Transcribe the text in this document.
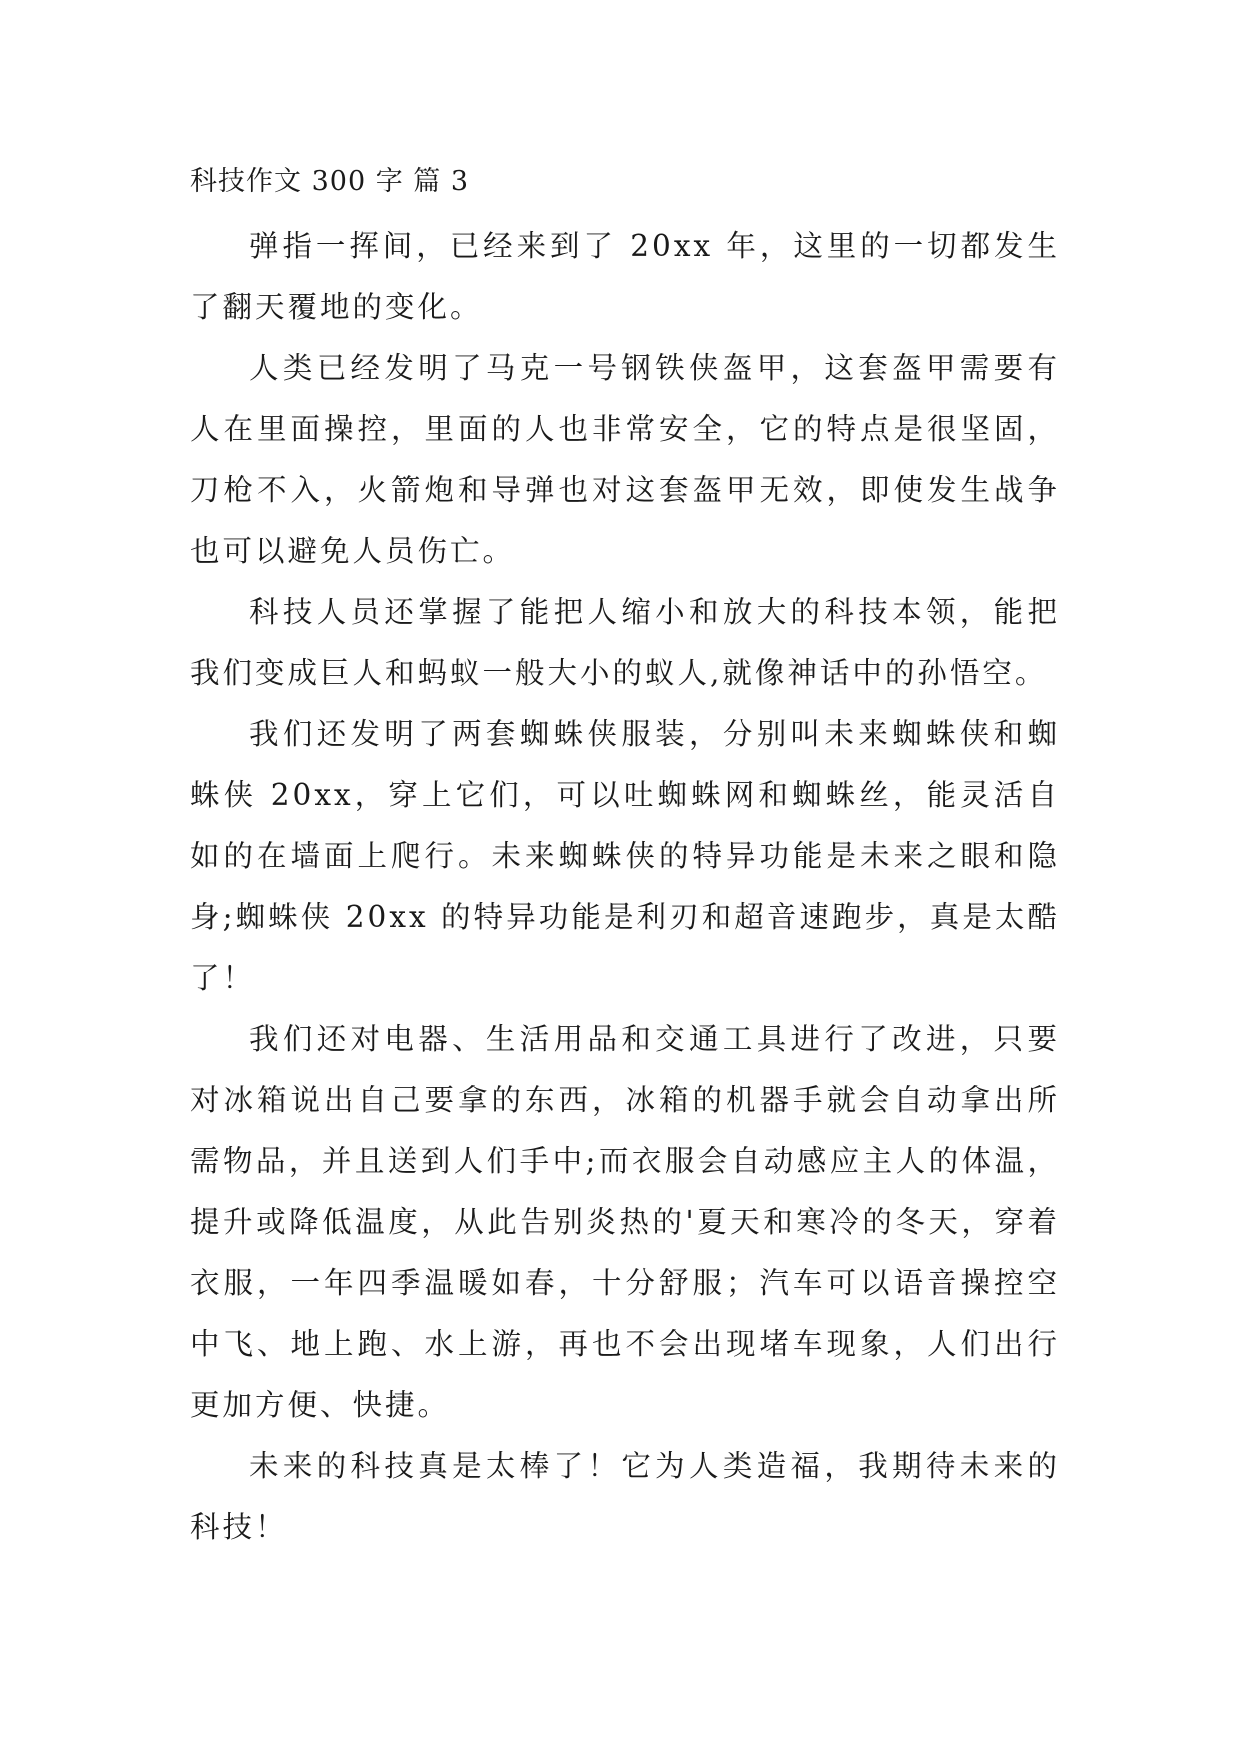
科技作文 300 字 篇 3

弹指一挥间，已经来到了 20xx 年，这里的一切都发生了翻天覆地的变化。

人类已经发明了马克一号钢铁侠盔甲，这套盔甲需要有人在里面操控，里面的人也非常安全，它的特点是很坚固，刀枪不入，火箭炮和导弹也对这套盔甲无效，即使发生战争也可以避免人员伤亡。

科技人员还掌握了能把人缩小和放大的科技本领，能把我们变成巨人和蚂蚁一般大小的蚁人,就像神话中的孙悟空。

我们还发明了两套蜘蛛侠服装，分别叫未来蜘蛛侠和蜘蛛侠 20xx，穿上它们，可以吐蜘蛛网和蜘蛛丝，能灵活自如的在墙面上爬行。未来蜘蛛侠的特异功能是未来之眼和隐身;蜘蛛侠 20xx 的特异功能是利刃和超音速跑步，真是太酷了！

我们还对电器、生活用品和交通工具进行了改进，只要对冰箱说出自己要拿的东西，冰箱的机器手就会自动拿出所需物品，并且送到人们手中;而衣服会自动感应主人的体温，提升或降低温度，从此告别炎热的'夏天和寒冷的冬天，穿着衣服，一年四季温暖如春，十分舒服；汽车可以语音操控空中飞、地上跑、水上游，再也不会出现堵车现象，人们出行更加方便、快捷。

未来的科技真是太棒了！它为人类造福，我期待未来的科技！
